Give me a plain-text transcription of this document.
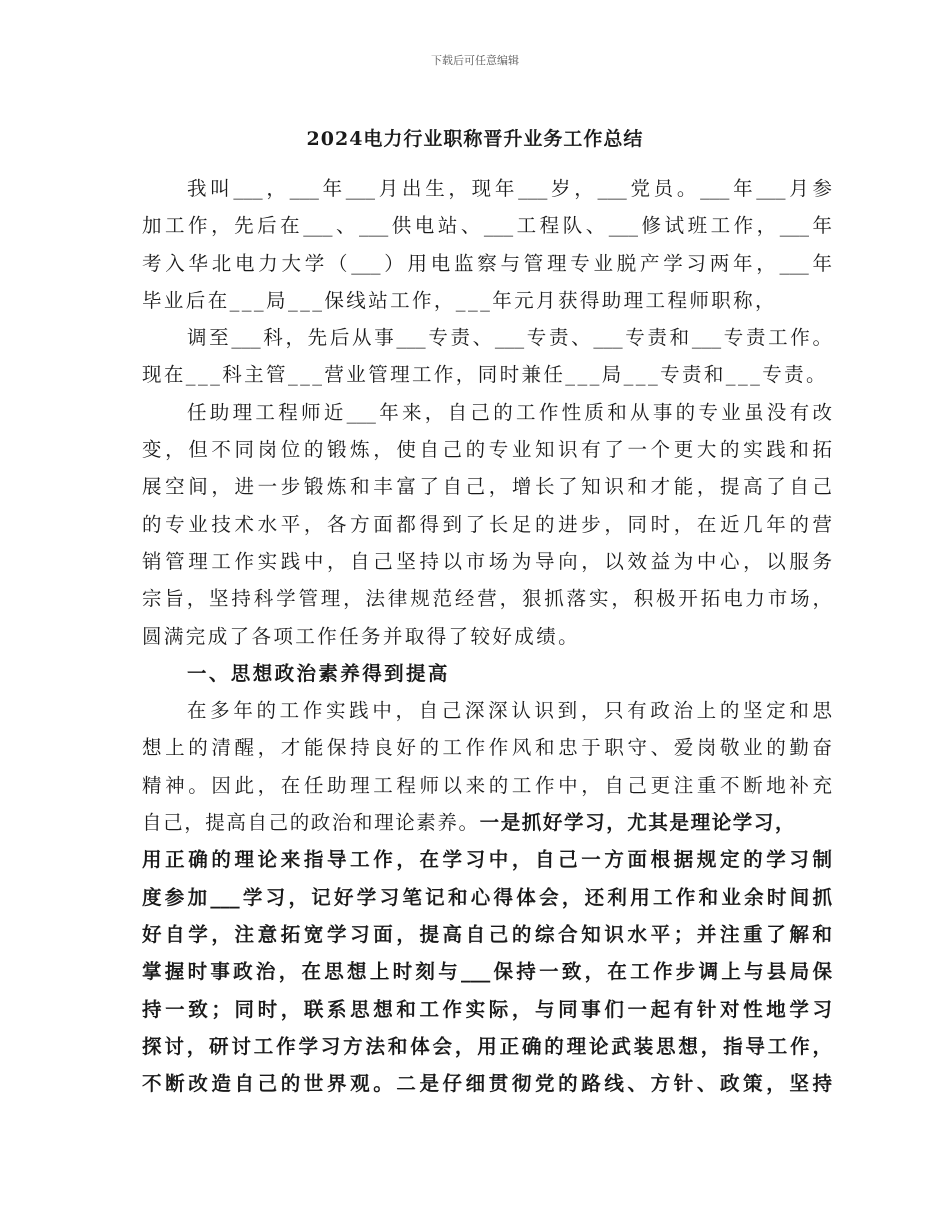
下载后可任意编辑
2024电力行业职称晋升业务工作总结
我叫___，___年___月出生，现年___岁，___党员。___年___月参
加工作，先后在___、___供电站、___工程队、___修试班工作，___年
考入华北电力大学（___）用电监察与管理专业脱产学习两年，___年
毕业后在___局___保线站工作，___年元月获得助理工程师职称，
调至___科，先后从事___专责、___专责、___专责和___专责工作。
现在___科主管___营业管理工作，同时兼任___局___专责和___专责。
任助理工程师近___年来，自己的工作性质和从事的专业虽没有改
变，但不同岗位的锻炼，使自己的专业知识有了一个更大的实践和拓
展空间，进一步锻炼和丰富了自己，增长了知识和才能，提高了自己
的专业技术水平，各方面都得到了长足的进步，同时，在近几年的营
销管理工作实践中，自己坚持以市场为导向，以效益为中心，以服务
宗旨，坚持科学管理，法律规范经营，狠抓落实，积极开拓电力市场，
圆满完成了各项工作任务并取得了较好成绩。
一、思想政治素养得到提高
在多年的工作实践中，自己深深认识到，只有政治上的坚定和思
想上的清醒，才能保持良好的工作作风和忠于职守、爱岗敬业的勤奋
精神。因此，在任助理工程师以来的工作中，自己更注重不断地补充
自己，提高自己的政治和理论素养。一是抓好学习，尤其是理论学习，
用正确的理论来指导工作，在学习中，自己一方面根据规定的学习制
度参加___学习，记好学习笔记和心得体会，还利用工作和业余时间抓
好自学，注意拓宽学习面，提高自己的综合知识水平；并注重了解和
掌握时事政治，在思想上时刻与___保持一致，在工作步调上与县局保
持一致；同时，联系思想和工作实际，与同事们一起有针对性地学习
探讨，研讨工作学习方法和体会，用正确的理论武装思想，指导工作，
不断改造自己的世界观。二是仔细贯彻党的路线、方针、政策，坚持
